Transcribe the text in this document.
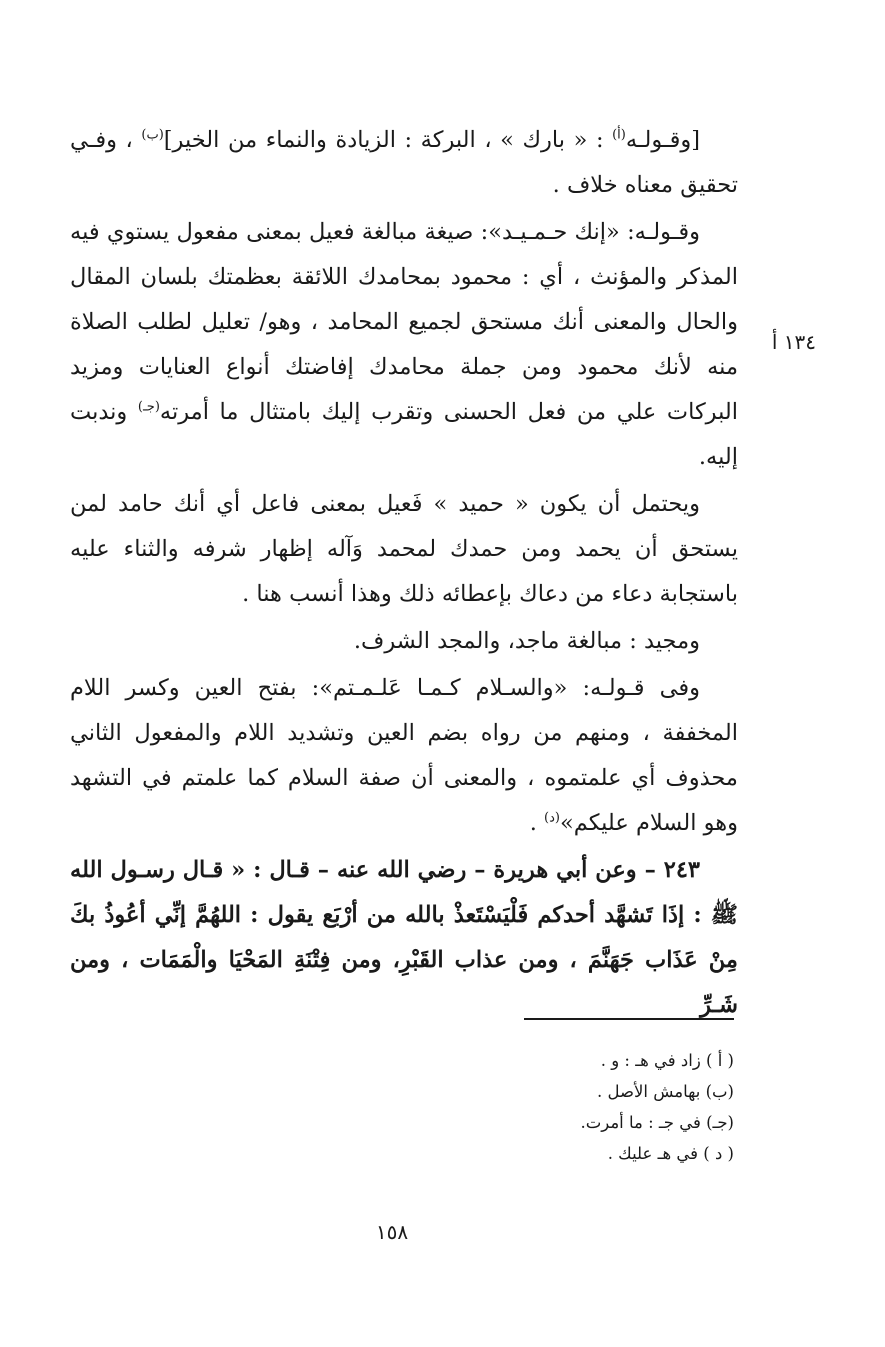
[وقـولـه$^{(أ)}$ : « بارك » ، البركة : الزيادة والنماء من الخير]$^{(ب)}$ ، وفـي تحقيق معناه خلاف .

وقـولـه: «إنك حـمـيـد»: صيغة مبالغة فعيل بمعنى مفعول يستوي فيه المذكر والمؤنث ، أي : محمود بمحامدك اللائقة بعظمتك بلسان المقال والحال والمعنى أنك مستحق لجميع المحامد ، وهو/ تعليل لطلب الصلاة منه لأنك محمود ومن جملة محامدك إفاضتك أنواع العنايات ومزيد البركات علي من فعل الحسنى وتقرب إليك بامتثال ما أمرته$^{(جـ)}$ وندبت إليه.

ويحتمل أن يكون « حميد » فَعيل بمعنى فاعل أي أنك حامد لمن يستحق أن يحمد ومن حمدك لمحمد وَآله إظهار شرفه والثناء عليه باستجابة دعاء من دعاك بإعطائه ذلك وهذا أنسب هنا .

ومجيد : مبالغة ماجد، والمجد الشرف.

وفى قـولـه: «والسـلام كـمـا عَلـمـتم»: بفتح العين وكسر اللام المخففة ، ومنهم من رواه بضم العين وتشديد اللام والمفعول الثاني محذوف أي علمتموه ، والمعنى أن صفة السلام كما علمتم في التشهد وهو السلام عليكم»$^{(د)}$ .

٢٤٣ – وعن أبي هريرة – رضي الله عنه – قـال : « قـال رسـول الله ﷺ : إذَا تَشهَّد أحدكم فَلْيَسْتَعذْ بالله من أرْبَع يقول : اللهُمَّ إنِّي أعُوذُ بكَ مِنْ عَذَاب جَهَنَّمَ ، ومن عذاب القَبْرِ، ومن فِتْنَةِ المَحْيَا والْمَمَات ، ومن شَـرِّ

١٣٤ أ

( أ ) زاد في هـ : و .

(ب) بهامش الأصل .

(جـ) في جـ : ما أمرت.

( د ) في هـ عليك .

١٥٨
